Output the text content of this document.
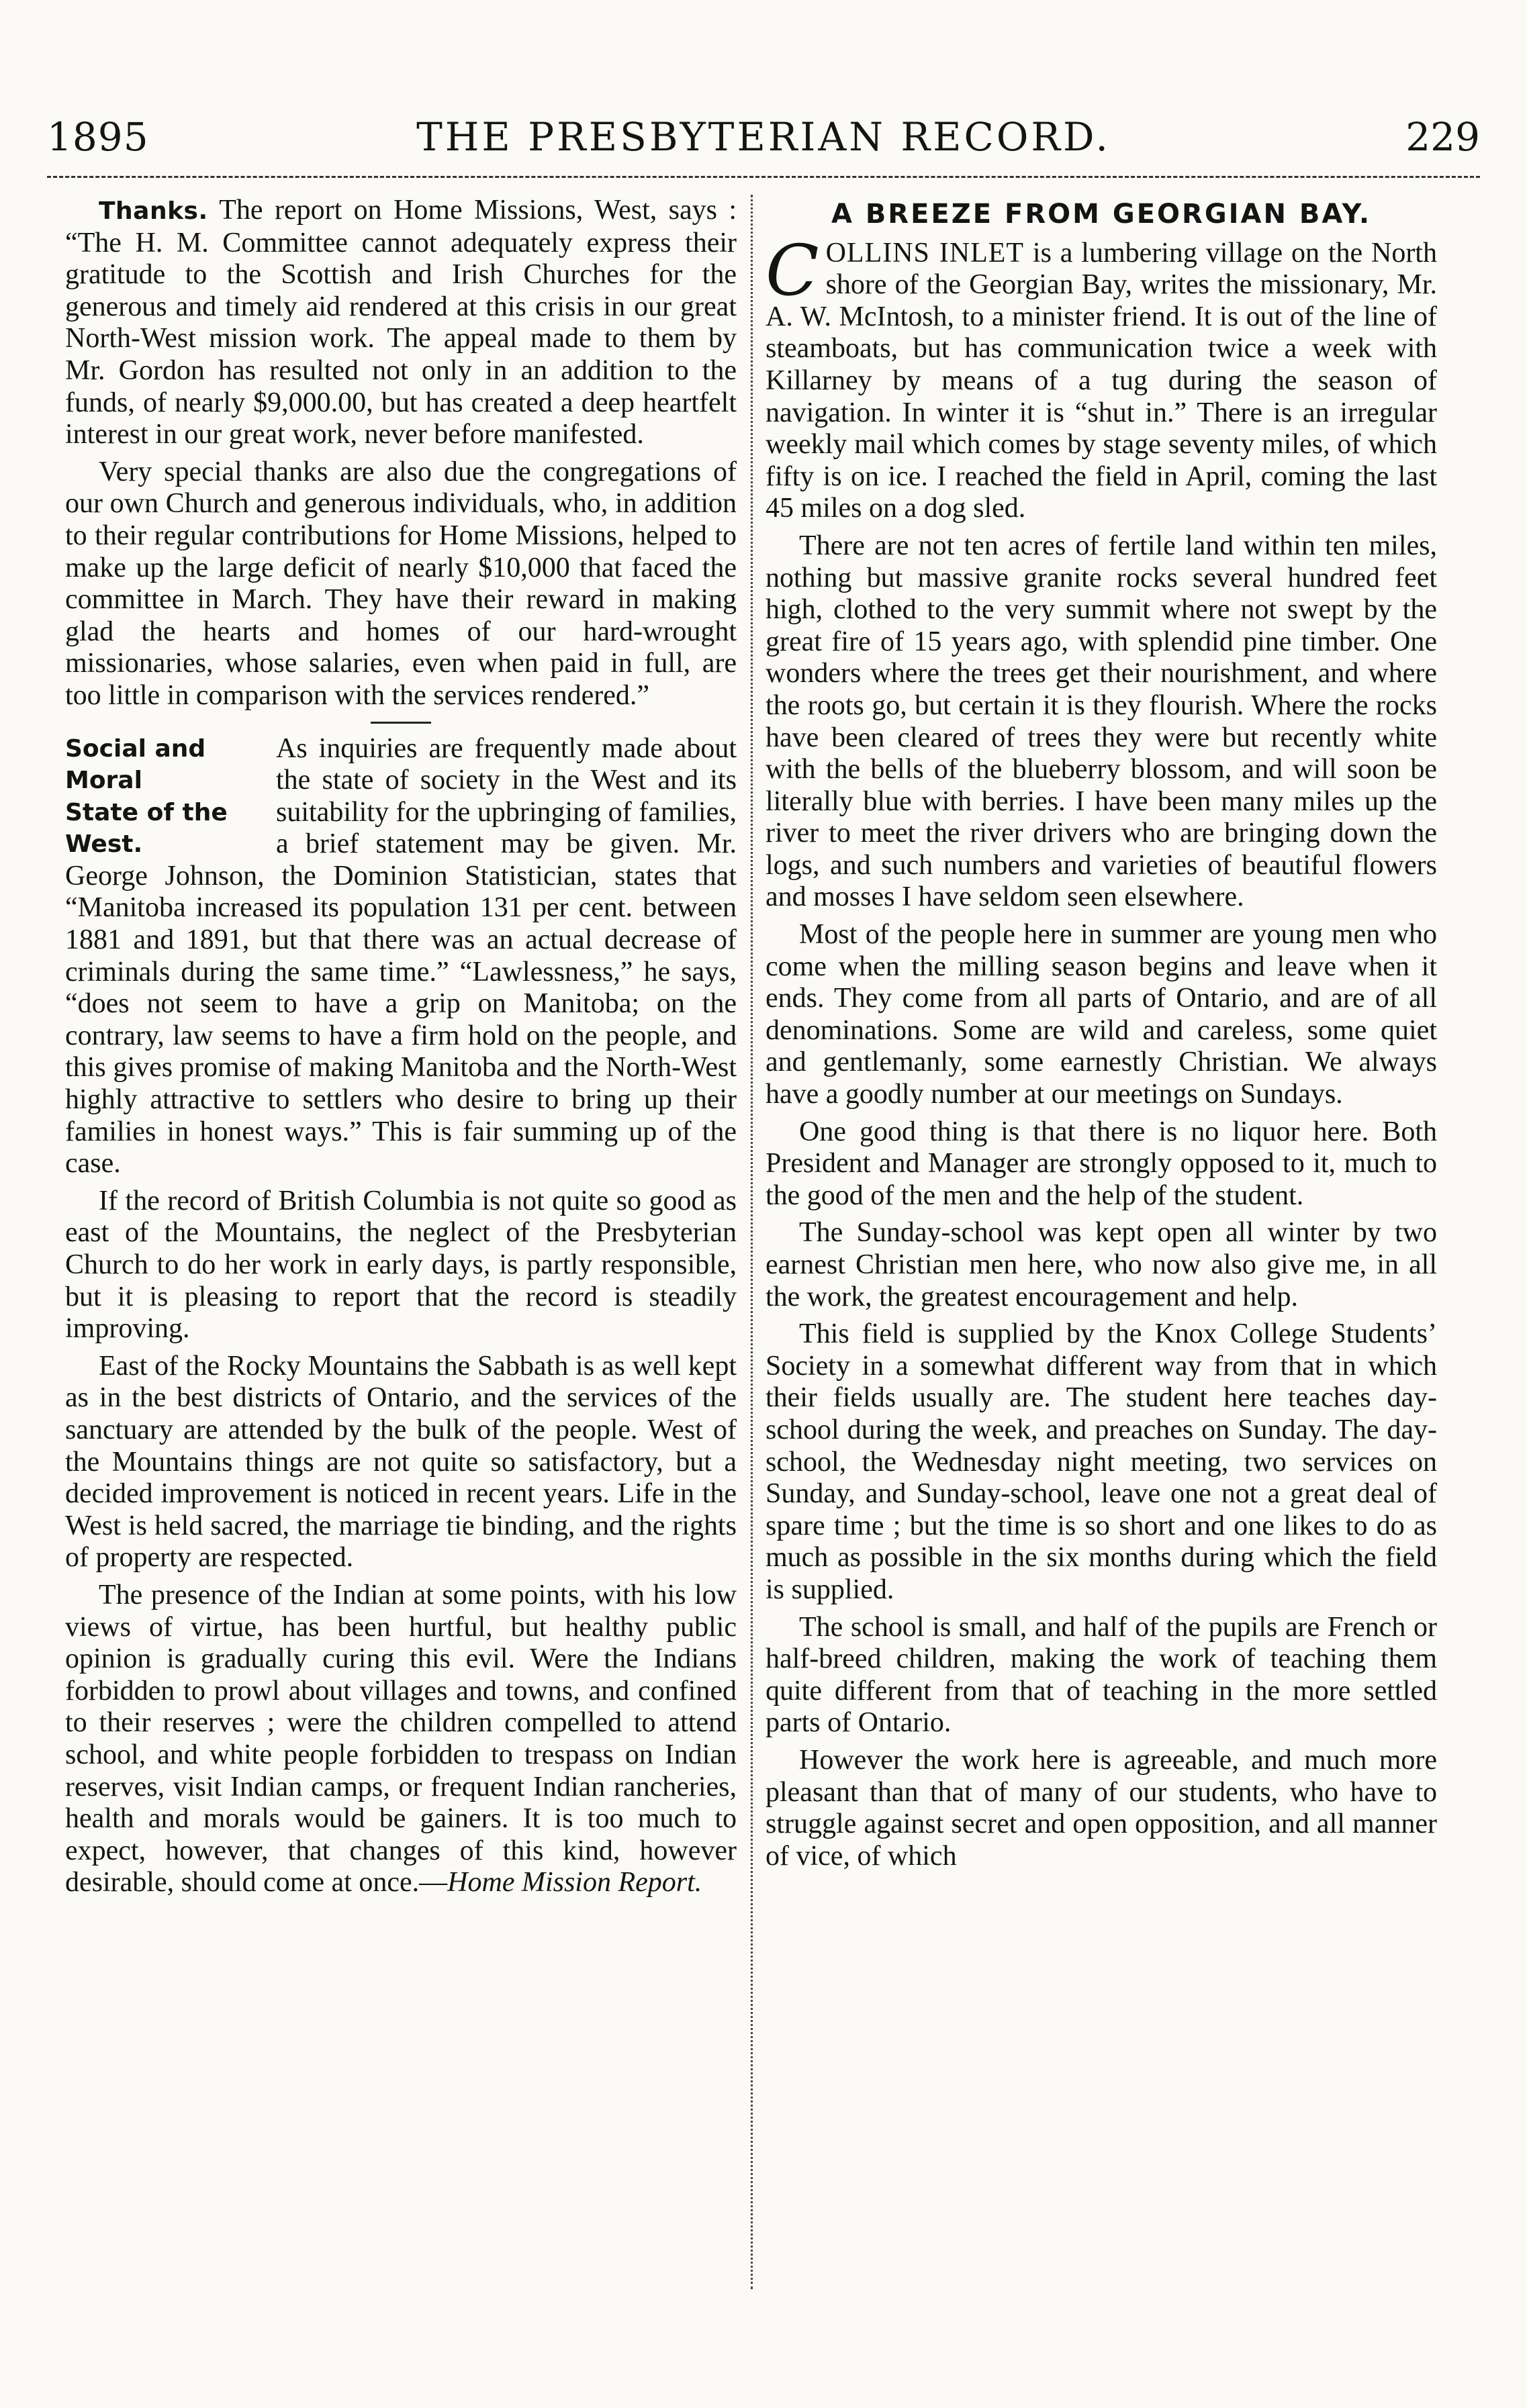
1895	THE PRESBYTERIAN RECORD.	229

Thanks. The report on Home Missions, West, says : “The H. M. Committee cannot adequately express their gratitude to the Scottish and Irish Churches for the generous and timely aid rendered at this crisis in our great North-West mission work. The appeal made to them by Mr. Gordon has resulted not only in an addition to the funds, of nearly $9,000.00, but has created a deep heartfelt interest in our great work, never before manifested.

Very special thanks are also due the congregations of our own Church and generous individuals, who, in addition to their regular contributions for Home Missions, helped to make up the large deficit of nearly $10,000 that faced the committee in March. They have their reward in making glad the hearts and homes of our hard-wrought missionaries, whose salaries, even when paid in full, are too little in comparison with the services rendered.”

Social and Moral
State of the West.

As inquiries are frequently made about the state of society in the West and its suitability for the upbringing of families, a brief statement may be given. Mr. George Johnson, the Dominion Statistician, states that “Manitoba increased its population 131 per cent. between 1881 and 1891, but that there was an actual decrease of criminals during the same time.” “Lawlessness,” he says, “does not seem to have a grip on Manitoba; on the contrary, law seems to have a firm hold on the people, and this gives promise of making Manitoba and the North-West highly attractive to settlers who desire to bring up their families in honest ways.” This is fair summing up of the case.

If the record of British Columbia is not quite so good as east of the Mountains, the neglect of the Presbyterian Church to do her work in early days, is partly responsible, but it is pleasing to report that the record is steadily improving.

East of the Rocky Mountains the Sabbath is as well kept as in the best districts of Ontario, and the services of the sanctuary are attended by the bulk of the people. West of the Mountains things are not quite so satisfactory, but a decided improvement is noticed in recent years. Life in the West is held sacred, the marriage tie binding, and the rights of property are respected.

The presence of the Indian at some points, with his low views of virtue, has been hurtful, but healthy public opinion is gradually curing this evil. Were the Indians forbidden to prowl about villages and towns, and confined to their reserves ; were the children compelled to attend school, and white people forbidden to trespass on Indian reserves, visit Indian camps, or frequent Indian rancheries, health and morals would be gainers. It is too much to expect, however, that changes of this kind, however desirable, should come at once.—Home Mission Report.

A BREEZE FROM GEORGIAN BAY.

COLLINS INLET is a lumbering village on the North shore of the Georgian Bay, writes the missionary, Mr. A. W. McIntosh, to a minister friend. It is out of the line of steamboats, but has communication twice a week with Killarney by means of a tug during the season of navigation. In winter it is “shut in.” There is an irregular weekly mail which comes by stage seventy miles, of which fifty is on ice. I reached the field in April, coming the last 45 miles on a dog sled.

There are not ten acres of fertile land within ten miles, nothing but massive granite rocks several hundred feet high, clothed to the very summit where not swept by the great fire of 15 years ago, with splendid pine timber. One wonders where the trees get their nourishment, and where the roots go, but certain it is they flourish. Where the rocks have been cleared of trees they were but recently white with the bells of the blueberry blossom, and will soon be literally blue with berries. I have been many miles up the river to meet the river drivers who are bringing down the logs, and such numbers and varieties of beautiful flowers and mosses I have seldom seen elsewhere.

Most of the people here in summer are young men who come when the milling season begins and leave when it ends. They come from all parts of Ontario, and are of all denominations. Some are wild and careless, some quiet and gentlemanly, some earnestly Christian. We always have a goodly number at our meetings on Sundays.

One good thing is that there is no liquor here. Both President and Manager are strongly opposed to it, much to the good of the men and the help of the student.

The Sunday-school was kept open all winter by two earnest Christian men here, who now also give me, in all the work, the greatest encouragement and help.

This field is supplied by the Knox College Students’ Society in a somewhat different way from that in which their fields usually are. The student here teaches day-school during the week, and preaches on Sunday. The day-school, the Wednesday night meeting, two services on Sunday, and Sunday-school, leave one not a great deal of spare time ; but the time is so short and one likes to do as much as possible in the six months during which the field is supplied.

The school is small, and half of the pupils are French or half-breed children, making the work of teaching them quite different from that of teaching in the more settled parts of Ontario.

However the work here is agreeable, and much more pleasant than that of many of our students, who have to struggle against secret and open opposition, and all manner of vice, of which
